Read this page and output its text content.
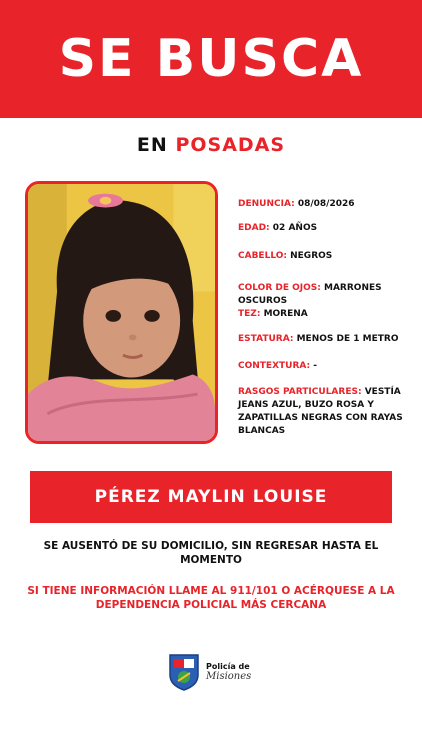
SE BUSCA
EN POSADAS
DENUNCIA: 08/08/2026
EDAD: 02 AÑOS
CABELLO: NEGROS
COLOR DE OJOS: MARRONES OSCUROS
TEZ: MORENA
ESTATURA: MENOS DE 1 METRO
CONTEXTURA: -
RASGOS PARTICULARES: VESTÍA JEANS AZUL, BUZO ROSA Y ZAPATILLAS NEGRAS CON RAYAS BLANCAS
PÉREZ MAYLIN LOUISE
SE AUSENTÓ DE SU DOMICILIO, SIN REGRESAR HASTA EL MOMENTO
SI TIENE INFORMACIÓN LLAME AL 911/101 O ACÉRQUESE A LA DEPENDENCIA POLICIAL MÁS CERCANA
Policía de
Misiones
